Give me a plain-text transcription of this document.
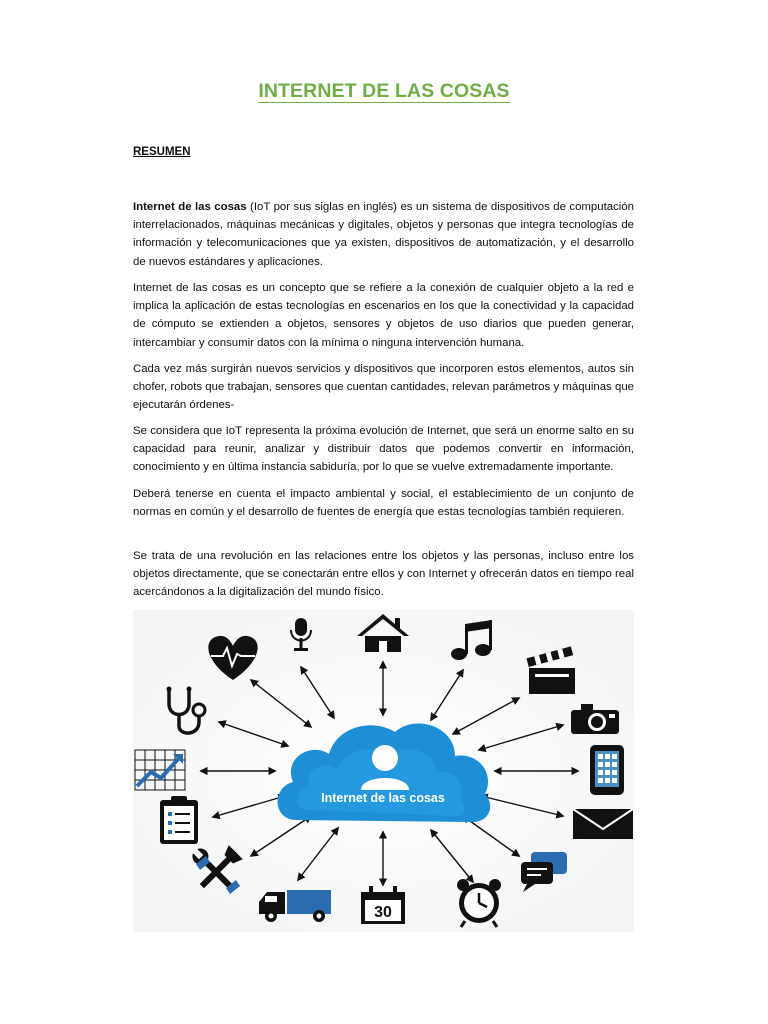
INTERNET DE LAS COSAS
RESUMEN
Internet de las cosas (IoT por sus siglas en inglés) es un sistema de dispositivos de computación interrelacionados, máquinas mecánicas y digitales, objetos y personas que integra tecnologías de información y telecomunicaciones que ya existen, dispositivos de automatización, y el desarrollo de nuevos estándares y aplicaciones.
Internet de las cosas es un concepto que se refiere a la conexión de cualquier objeto a la red e implica la aplicación de estas tecnologías en escenarios en los que la conectividad y la capacidad de cómputo se extienden a objetos, sensores y objetos de uso diarios que pueden generar, intercambiar y consumir datos con la mínima o ninguna intervención humana.
Cada vez más surgirán nuevos servicios y dispositivos que incorporen estos elementos, autos sin chofer, robots que trabajan, sensores que cuentan cantidades, relevan parámetros y máquinas que ejecutarán órdenes-
Se considera que IoT representa la próxima evolución de Internet, que será un enorme salto en su capacidad para reunir, analizar y distribuir datos que podemos convertir en información, conocimiento y en última instancia sabiduría, por lo que se vuelve extremadamente importante.
Deberá tenerse en cuenta el impacto ambiental y social, el establecimiento de un conjunto de normas en común y el desarrollo de fuentes de energía que estas tecnologías también requieren.
Se trata de una revolución en las relaciones entre los objetos y las personas, incluso entre los objetos directamente, que se conectarán entre ellos y con Internet y ofrecerán datos en tiempo real acercándonos a la digitalización del mundo físico.
Internet de las cosas
30
